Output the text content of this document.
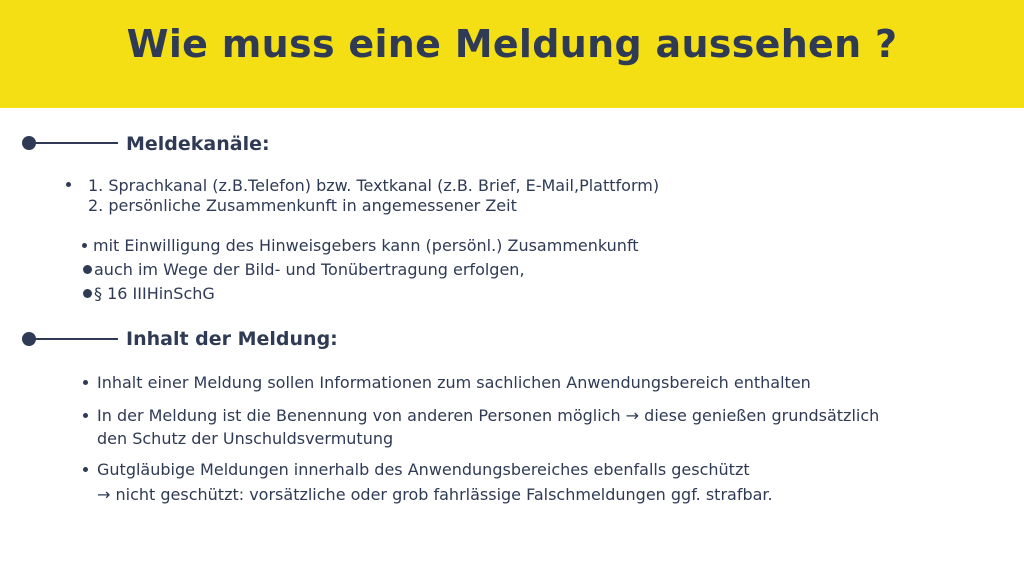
Wie muss eine Meldung aussehen ?
Meldekanäle:
1. Sprachkanal (z.B.Telefon) bzw. Textkanal (z.B. Brief, E-Mail,Plattform)
2. persönliche Zusammenkunft in angemessener Zeit
mit Einwilligung des Hinweisgebers kann (persönl.) Zusammenkunft
auch im Wege der Bild- und Tonübertragung erfolgen,
§ 16 IIIHinSchG
Inhalt der Meldung:
Inhalt einer Meldung sollen Informationen zum sachlichen Anwendungsbereich enthalten
In der Meldung ist die Benennung von anderen Personen möglich → diese genießen grundsätzlich
den Schutz der Unschuldsvermutung
Gutgläubige Meldungen innerhalb des Anwendungsbereiches ebenfalls geschützt
→ nicht geschützt: vorsätzliche oder grob fahrlässige Falschmeldungen ggf. strafbar.
